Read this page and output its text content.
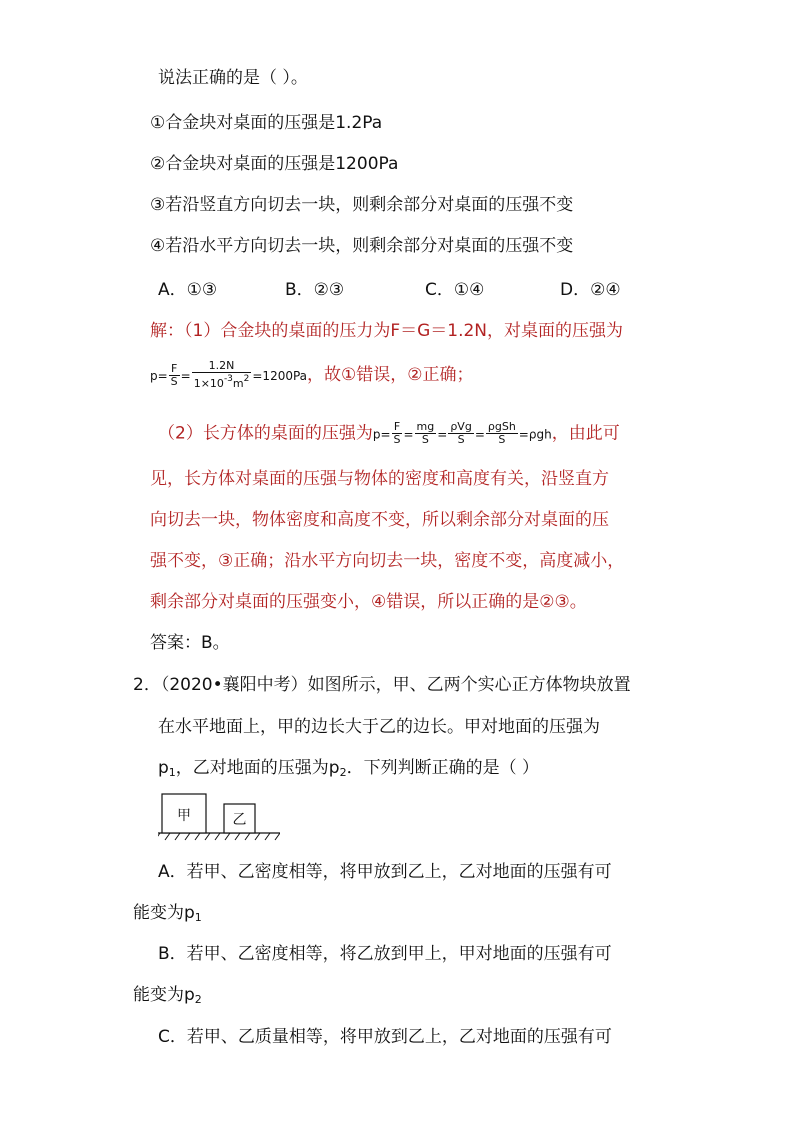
说法正确的是（ ）。
①合金块对桌面的压强是1.2Pa
②合金块对桌面的压强是1200Pa
③若沿竖直方向切去一块，则剩余部分对桌面的压强不变
④若沿水平方向切去一块，则剩余部分对桌面的压强不变
A．①③	B．②③	C．①④	D．②④
解：（1）合金块的桌面的压力为F＝G＝1.2N，对桌面的压强为
$p= \frac{F}{S} = \frac{1.2N}{1\times 10^{-3}m^2} =1200Pa$，故①错误，②正确；
（2）长方体的桌面的压强为$p= \frac{F}{S} = \frac{mg}{S} = \frac{\text{ρVg}}{S} = \frac{\text{ρgSh}}{S} =\rho gh$，由此可
见，长方体对桌面的压强与物体的密度和高度有关，沿竖直方
向切去一块，物体密度和高度不变，所以剩余部分对桌面的压
强不变，③正确；沿水平方向切去一块，密度不变，高度减小，
剩余部分对桌面的压强变小，④错误，所以正确的是②③。
答案：B。
2．（2020•襄阳中考）如图所示，甲、乙两个实心正方体物块放置
在水平地面上，甲的边长大于乙的边长。甲对地面的压强为
$p_1$，乙对地面的压强为$p_2$．下列判断正确的是（ ）
甲	乙
A．若甲、乙密度相等，将甲放到乙上，乙对地面的压强有可
能变为$p_1$
B．若甲、乙密度相等，将乙放到甲上，甲对地面的压强有可
能变为$p_2$
C．若甲、乙质量相等，将甲放到乙上，乙对地面的压强有可
